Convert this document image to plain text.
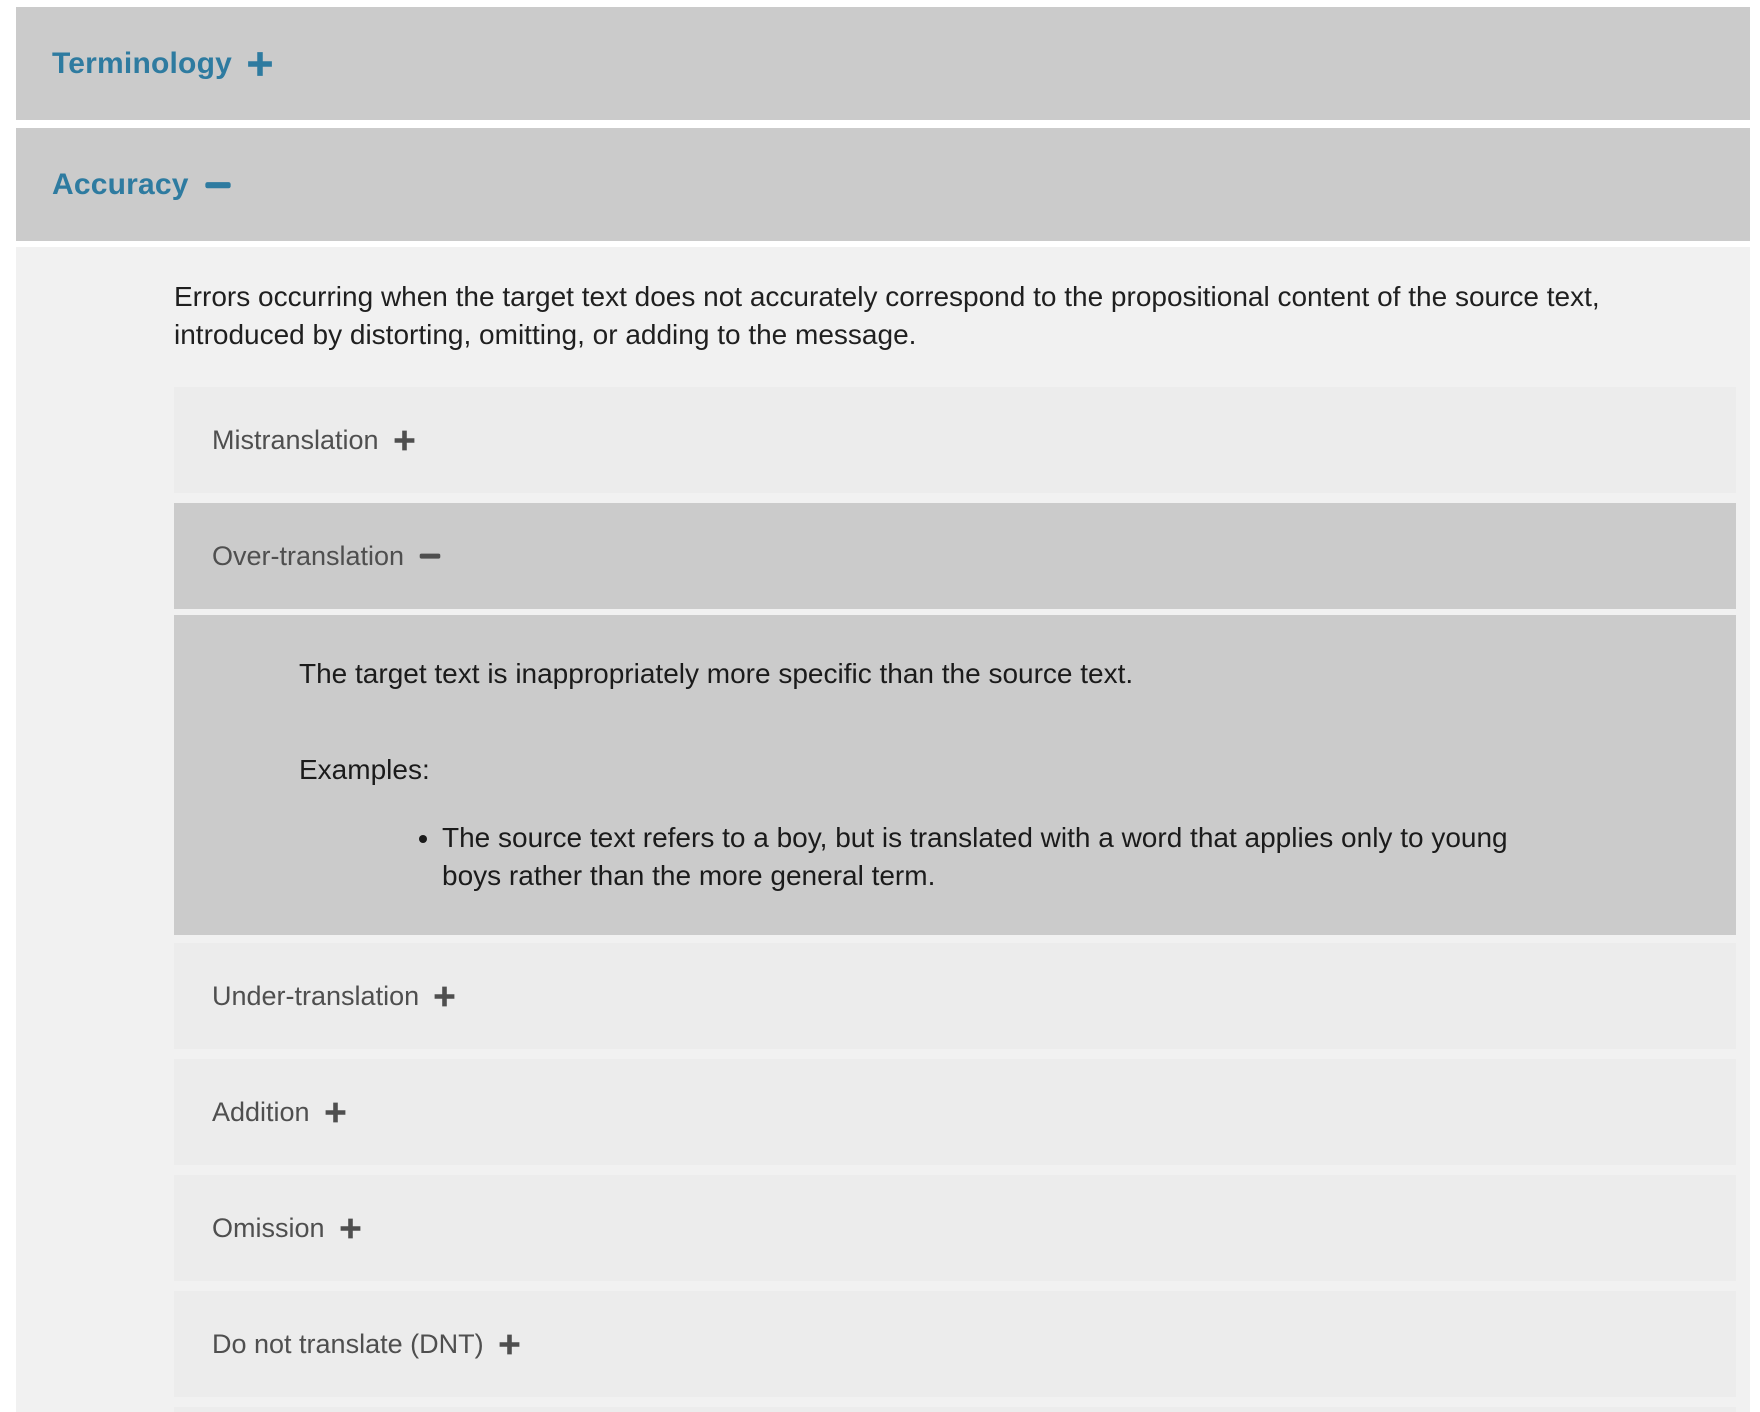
Terminology
Accuracy

Errors occurring when the target text does not accurately correspond to the propositional content of the source text, introduced by distorting, omitting, or adding to the message.

Mistranslation
Over-translation

The target text is inappropriately more specific than the source text.

Examples:

• The source text refers to a boy, but is translated with a word that applies only to young boys rather than the more general term.
Under-translation
Addition
Omission
Do not translate (DNT)
